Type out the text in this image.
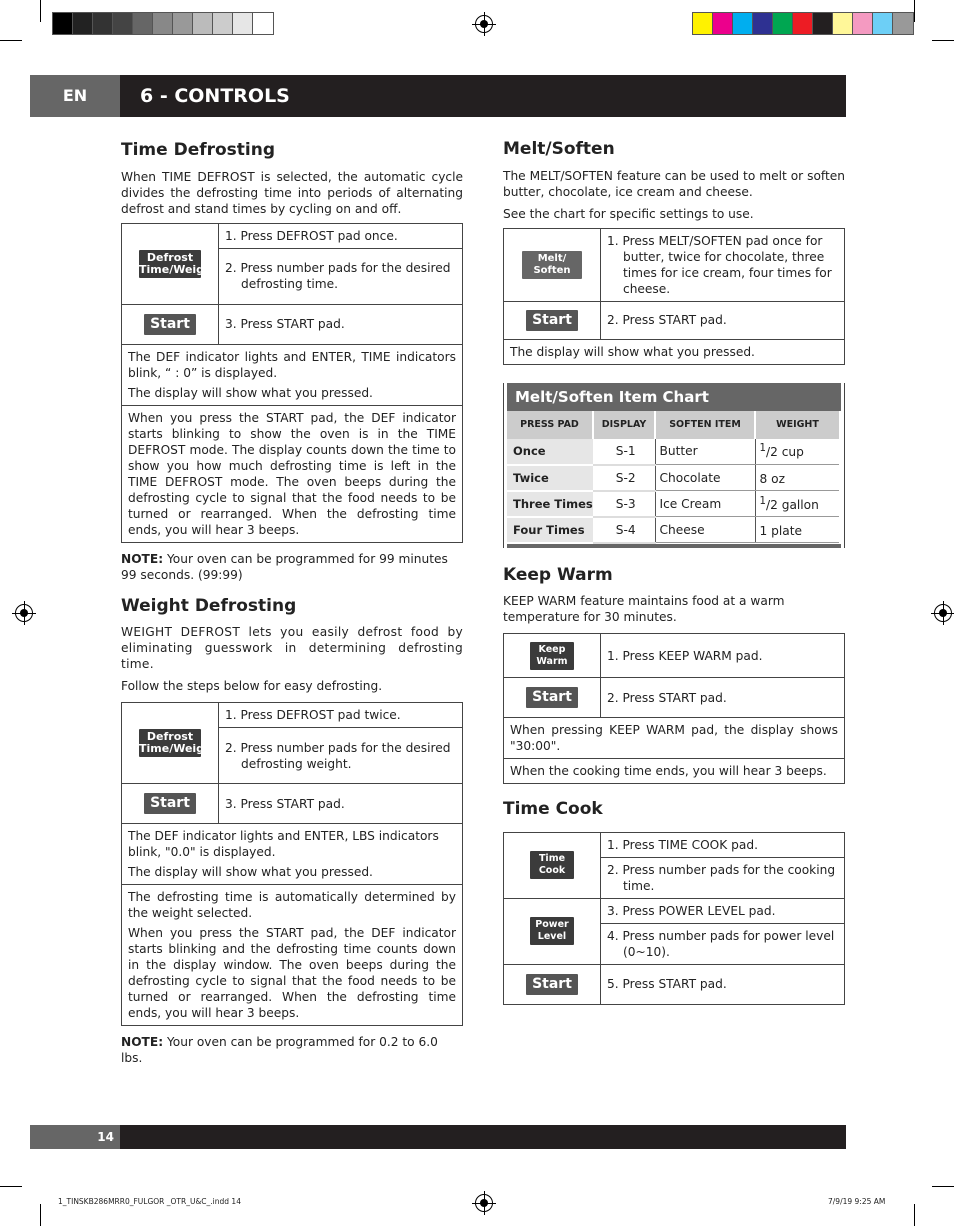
EN	6 - CONTROLS
Time Defrosting

When TIME DEFROST is selected, the automatic cycle divides the defrosting time into periods of alternating defrost and stand times by cycling on and off.

Defrost
Time/Weight	1. Press DEFROST pad once.

	2. Press number pads for the desired defrosting time.

Start	3. Press START pad.

The DEF indicator lights and ENTER, TIME indicators blink, “ : 0” is displayed.

The display will show what you pressed.	

When you press the START pad, the DEF indicator starts blinking to show the oven is in the TIME DEFROST mode. The display counts down the time to show you how much defrosting time is left in the TIME DEFROST mode. The oven beeps during the defrosting cycle to signal that the food needs to be turned or rearranged. When the defrosting time ends, you will hear 3 beeps.	

NOTE: Your oven can be programmed for 99 minutes 99 seconds. (99:99)

Weight Defrosting

WEIGHT DEFROST lets you easily defrost food by eliminating guesswork in determining defrosting time.

Follow the steps below for easy defrosting.

Defrost
Time/Weight	1. Press DEFROST pad twice.

	2. Press number pads for the desired defrosting weight.

Start	3. Press START pad.

The DEF indicator lights and ENTER, LBS indicators blink, "0.0" is displayed.

The display will show what you pressed.	

The defrosting time is automatically determined by the weight selected.

When you press the START pad, the DEF indicator starts blinking and the defrosting time counts down in the display window. The oven beeps during the defrosting cycle to signal that the food needs to be turned or rearranged. When the defrosting time ends, you will hear 3 beeps.	

NOTE: Your oven can be programmed for 0.2 to 6.0 lbs.

Melt/Soften

The MELT/SOFTEN feature can be used to melt or soften butter, chocolate, ice cream and cheese.

See the chart for specific settings to use.

Melt/
Soften	1. Press MELT/SOFTEN pad once for butter, twice for chocolate, three times for ice cream, four times for cheese.

Start	2. Press START pad.
The display will show what you pressed.	
Melt/Soften Item Chart
PRESS PAD	DISPLAY	SOFTEN ITEM	WEIGHT
Once	S-1	Butter	$^1$/2 cup
Twice	S-2	Chocolate	8 oz
Three Times	S-3	Ice Cream	$^1$/2 gallon
Four Times	S-4	Cheese	1 plate
Keep Warm

KEEP WARM feature maintains food at a warm temperature for 30 minutes.

Keep
Warm	1. Press KEEP WARM pad.
Start	2. Press START pad.
When pressing KEEP WARM pad, the display shows "30:00".	
When the cooking time ends, you will hear 3 beeps.	
Time Cook
Time
Cook	1. Press TIME COOK pad.

	2. Press number pads for the cooking time.

Power
Level	3. Press POWER LEVEL pad.

	4. Press number pads for power level (0~10).

Start	5. Press START pad.
14
1_TINSKB286MRR0_FULGOR _OTR_U&C_.indd 14	7/9/19 9:25 AM
